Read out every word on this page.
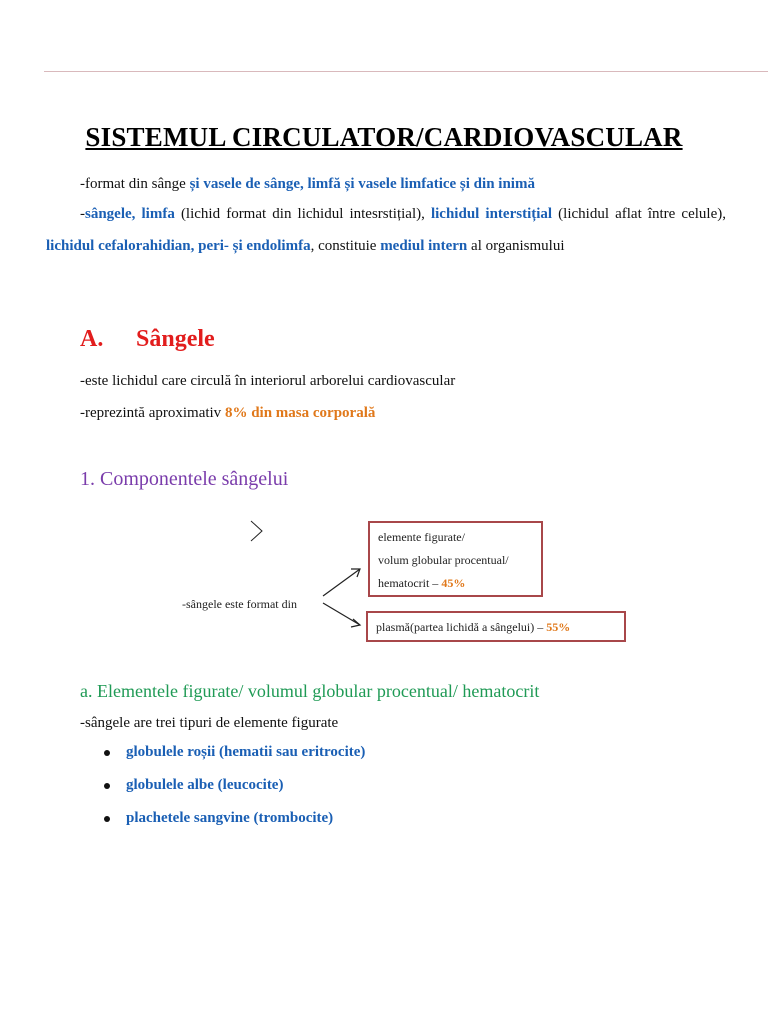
SISTEMUL CIRCULATOR/CARDIOVASCULAR
-format din sânge și vasele de sânge, limfă și vasele limfatice și din inimă
-sângele, limfa (lichid format din lichidul intesrstițial), lichidul interstițial (lichidul aflat între celule), lichidul cefalorahidian, peri- și endolimfa, constituie mediul intern al organismului
A. Sângele
-este lichidul care circulă în interiorul arborelui cardiovascular
-reprezintă aproximativ 8% din masa corporală
1. Componentele sângelui
-sângele este format din
elemente figurate/
volum globular procentual/
hematocrit – 45%
plasmă(partea lichidă a sângelui) – 55%
a. Elementele figurate/ volumul globular procentual/ hematocrit
-sângele are trei tipuri de elemente figurate
globulele roșii (hematii sau eritrocite)
globulele albe (leucocite)
plachetele sangvine (trombocite)
